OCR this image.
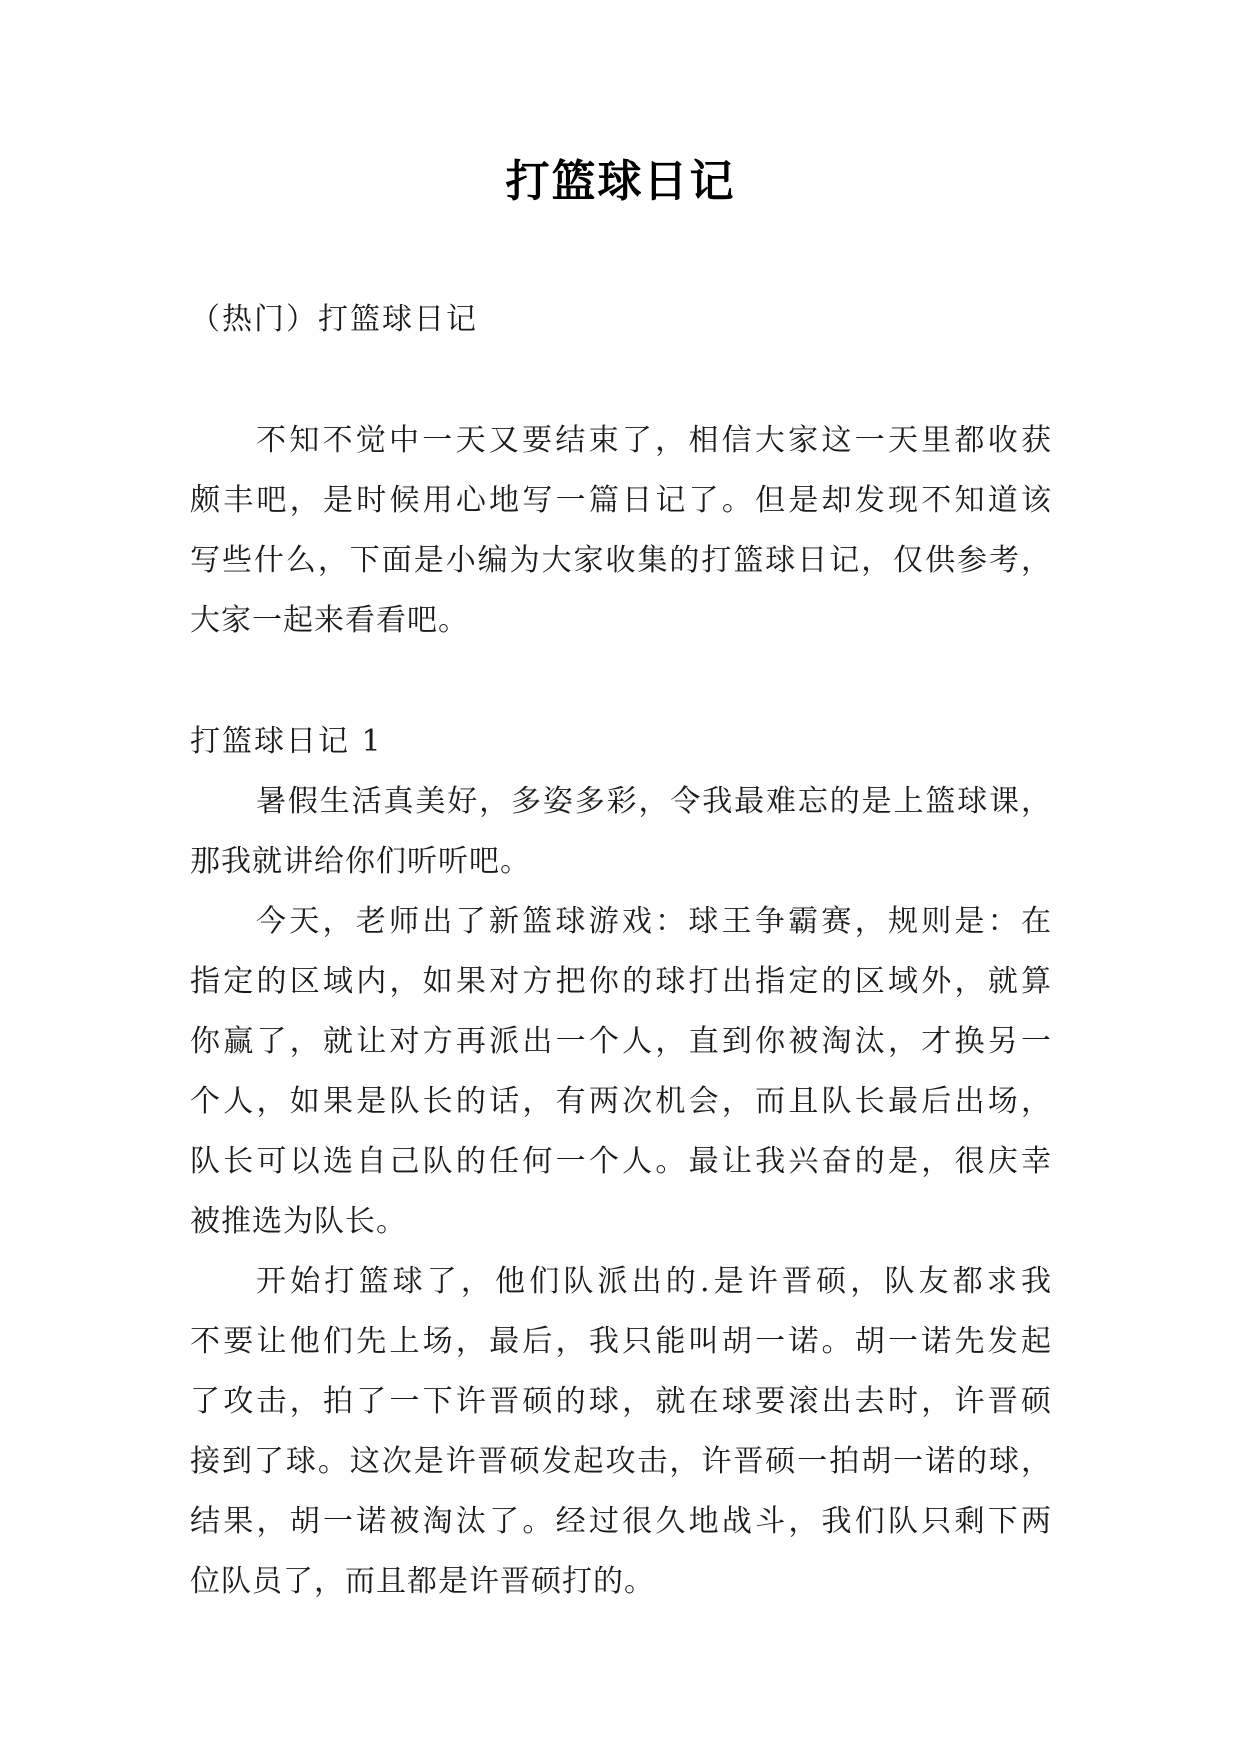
打篮球日记
（热门）打篮球日记
不知不觉中一天又要结束了，相信大家这一天里都收获
颇丰吧，是时候用心地写一篇日记了。但是却发现不知道该
写些什么，下面是小编为大家收集的打篮球日记，仅供参考，
大家一起来看看吧。
打篮球日记 1
暑假生活真美好，多姿多彩，令我最难忘的是上篮球课，
那我就讲给你们听听吧。
今天，老师出了新篮球游戏：球王争霸赛，规则是：在
指定的区域内，如果对方把你的球打出指定的区域外，就算
你赢了，就让对方再派出一个人，直到你被淘汰，才换另一
个人，如果是队长的话，有两次机会，而且队长最后出场，
队长可以选自己队的任何一个人。最让我兴奋的是，很庆幸
被推选为队长。
开始打篮球了，他们队派出的.是许晋硕，队友都求我
不要让他们先上场，最后，我只能叫胡一诺。胡一诺先发起
了攻击，拍了一下许晋硕的球，就在球要滚出去时，许晋硕
接到了球。这次是许晋硕发起攻击，许晋硕一拍胡一诺的球，
结果，胡一诺被淘汰了。经过很久地战斗，我们队只剩下两
位队员了，而且都是许晋硕打的。
